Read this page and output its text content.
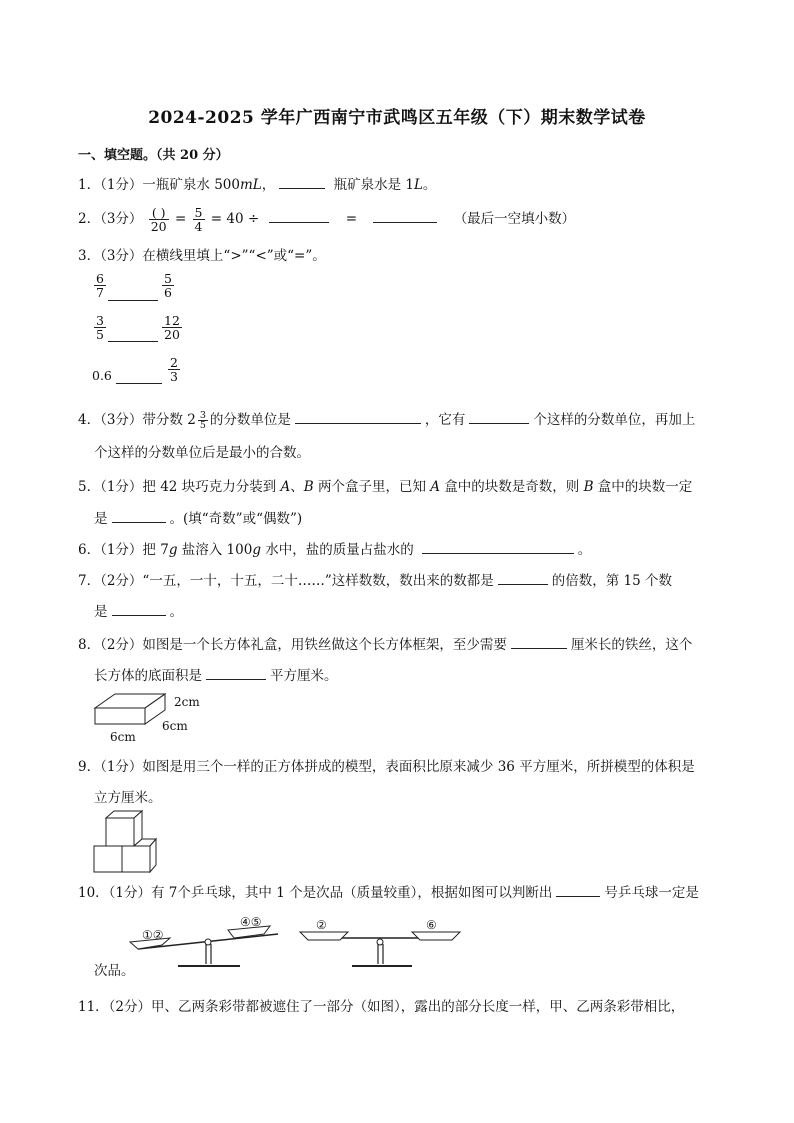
2024-2025 学年广西南宁市武鸣区五年级（下）期末数学试卷
一、填空题。（共 20 分）
1．（1分）一瓶矿泉水 500mL，	瓶矿泉水是 1L。
2．（3分） $\frac{( )}{20} = \frac{5}{4} = 40$ ÷	=	（最后一空填小数）
3．（3分）在横线里填上“>”“<”或“=”。
$\frac{6}{7}$	$\frac{5}{6}$
$\frac{3}{5}$	$\frac{12}{20}$
0.6	$\frac{2}{3}$
4．（3分）带分数 $2 \frac{3}{5}$ 的分数单位是	，它有	个这样的分数单位，再加上
个这样的分数单位后是最小的合数。
5．（1分）把 42 块巧克力分装到 A、B 两个盒子里，已知 A 盒中的块数是奇数，则 B 盒中的块数一定
是	。(填“奇数”或“偶数”)
6．（1分）把 7g 盐溶入 100g 水中，盐的质量占盐水的	。
7．（2分）“一五，一十，十五，二十……”这样数数，数出来的数都是	的倍数，第 15 个数
是	。
8．（2分）如图是一个长方体礼盒，用铁丝做这个长方体框架，至少需要	厘米长的铁丝，这个
长方体的底面积是	平方厘米。
2cm
6cm
6cm
9．（1分）如图是用三个一样的正方体拼成的模型，表面积比原来减少 36 平方厘米，所拼模型的体积是
立方厘米。
10．（1分）有 7个乒乓球，其中 1 个是次品（质量较重），根据如图可以判断出	号乒乓球一定是
①②
④⑤	②	⑥
次品。
11．（2分）甲、乙两条彩带都被遮住了一部分（如图），露出的部分长度一样，甲、乙两条彩带相比，
